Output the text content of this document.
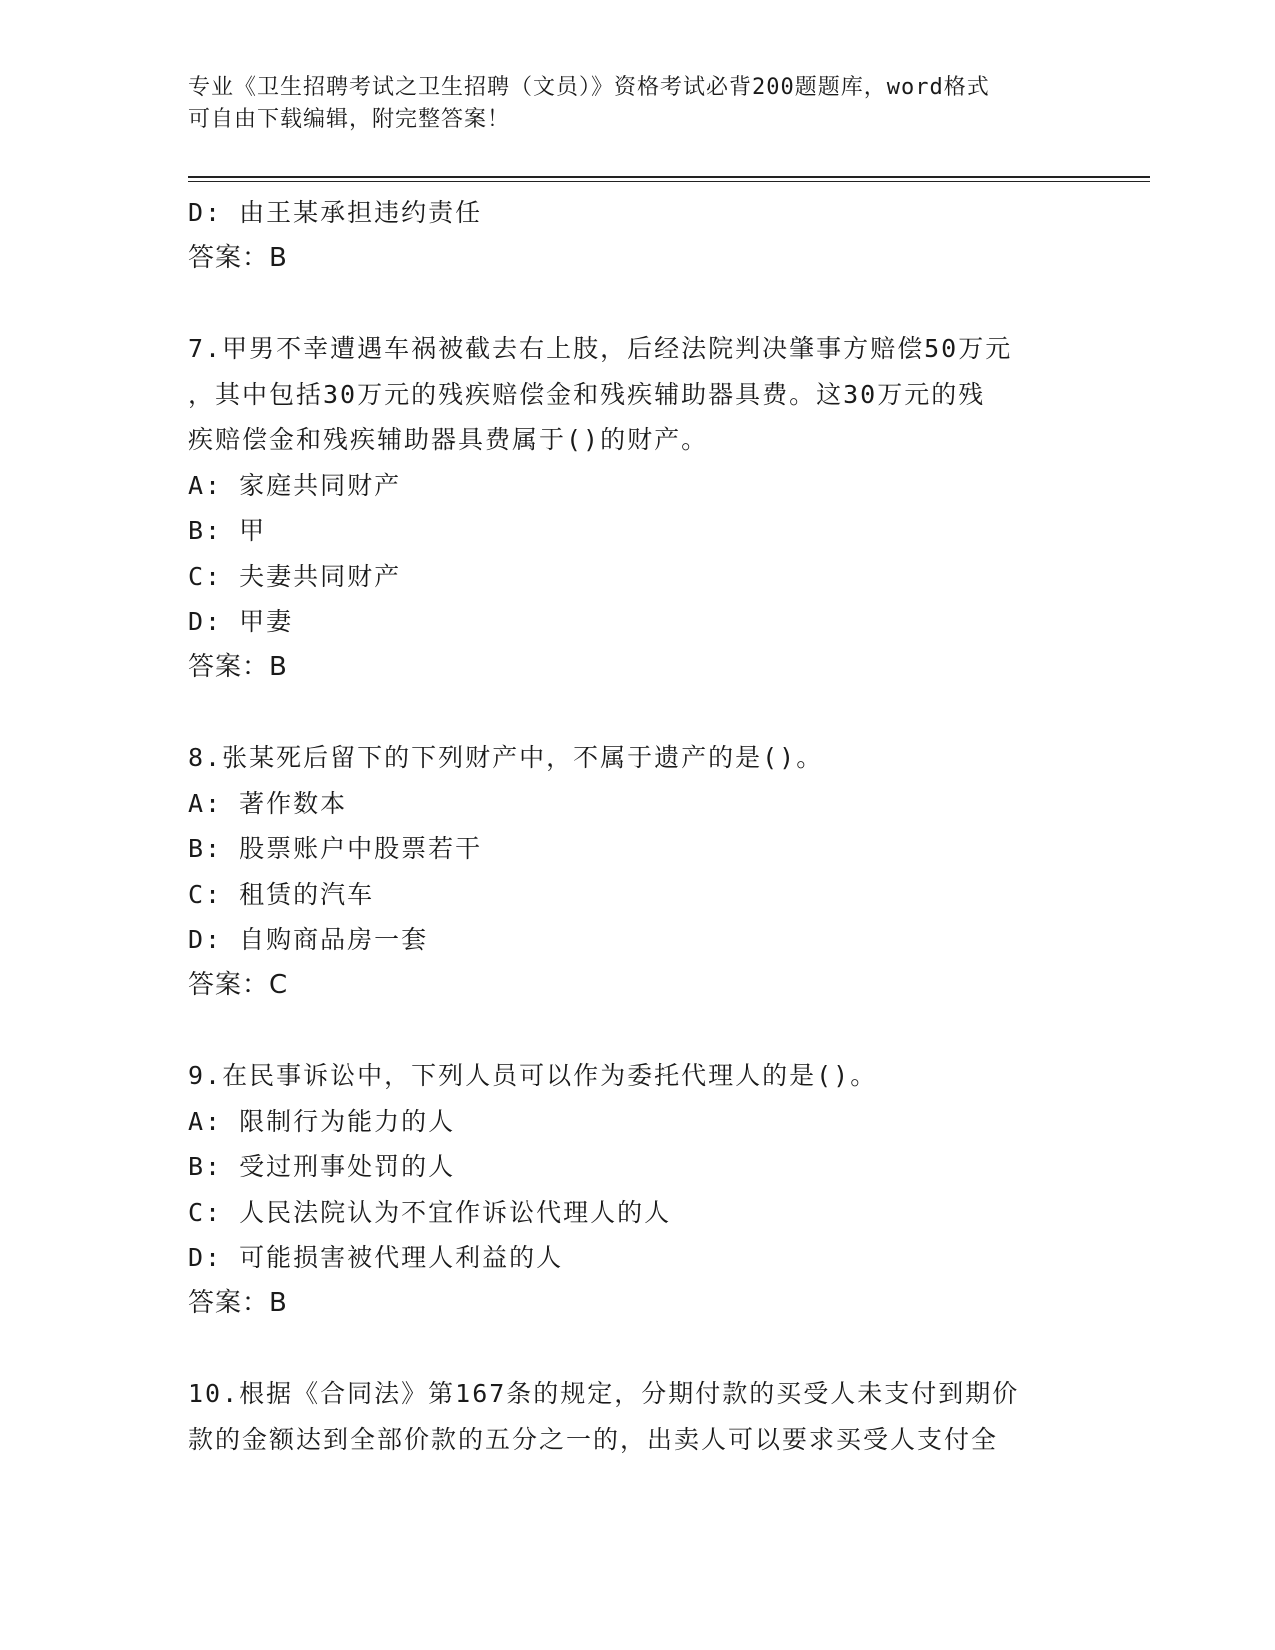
专业《卫生招聘考试之卫生招聘（文员）》资格考试必背200题题库，word格式
可自由下载编辑，附完整答案！
D: 由王某承担违约责任
答案：B
7.甲男不幸遭遇车祸被截去右上肢，后经法院判决肇事方赔偿50万元
，其中包括30万元的残疾赔偿金和残疾辅助器具费。这30万元的残
疾赔偿金和残疾辅助器具费属于()的财产。
A: 家庭共同财产
B: 甲
C: 夫妻共同财产
D: 甲妻
答案：B
8.张某死后留下的下列财产中，不属于遗产的是()。
A: 著作数本
B: 股票账户中股票若干
C: 租赁的汽车
D: 自购商品房一套
答案：C
9.在民事诉讼中，下列人员可以作为委托代理人的是()。
A: 限制行为能力的人
B: 受过刑事处罚的人
C: 人民法院认为不宜作诉讼代理人的人
D: 可能损害被代理人利益的人
答案：B
10.根据《合同法》第167条的规定，分期付款的买受人未支付到期价
款的金额达到全部价款的五分之一的，出卖人可以要求买受人支付全
